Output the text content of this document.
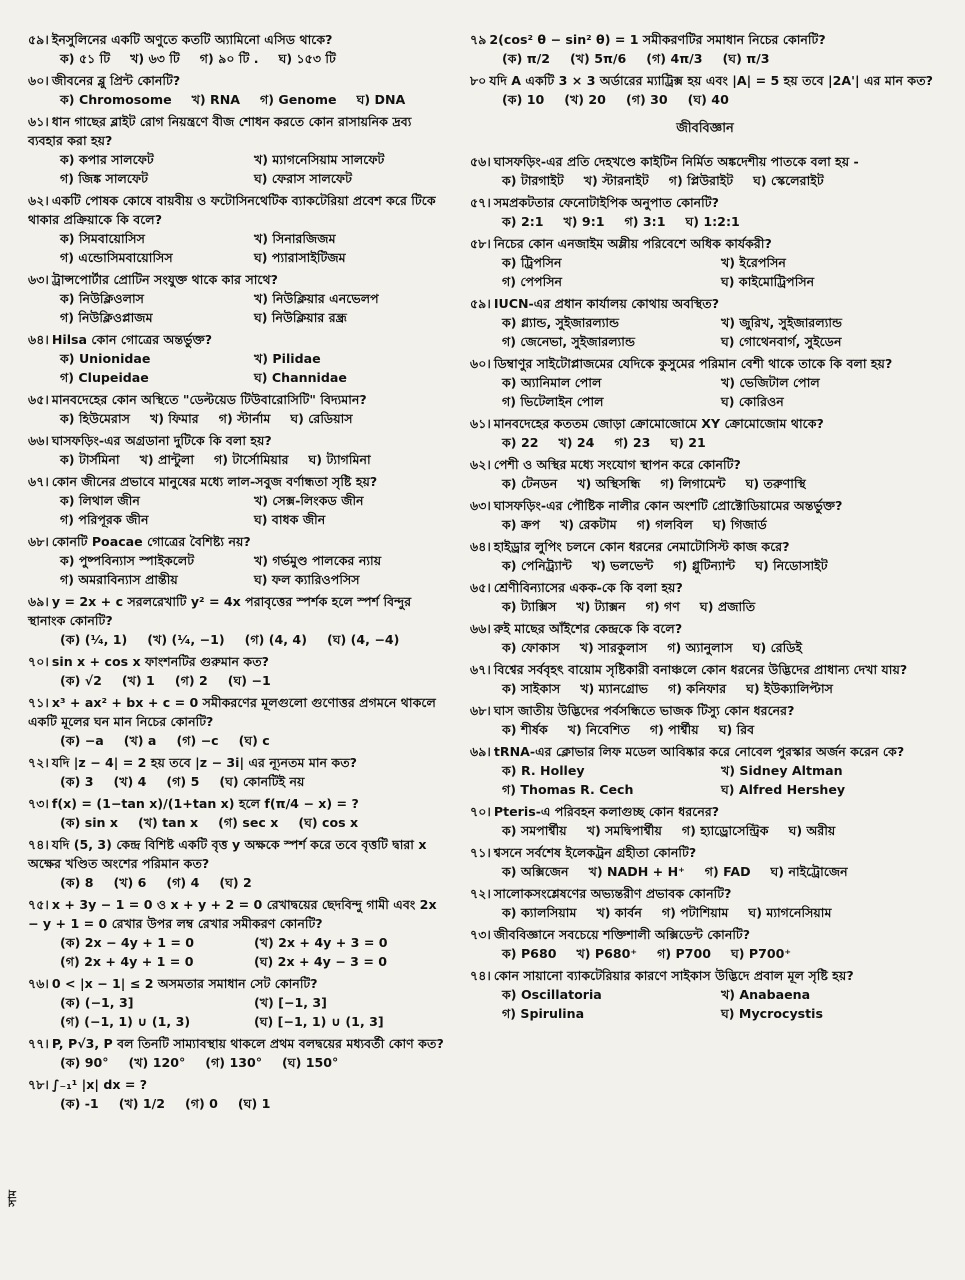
সাম
৫৯। ইনসুলিনের একটি অণুতে কতটি অ্যামিনো এসিড থাকে?
ক) ৫১ টি খ) ৬৩ টি গ) ৯০ টি . ঘ) ১৫৩ টি
৬০। জীবনের ব্লু প্রিন্ট কোনটি?
ক) Chromosome খ) RNA গ) Genome ঘ) DNA
৬১। ধান গাছের ব্লাইট রোগ নিয়ন্ত্রণে বীজ শোধন করতে কোন রাসায়নিক দ্রব্য ব্যবহার করা হয়?
ক) কপার সালফেট	খ) ম্যাগনেসিয়াম সালফেট
গ) জিঙ্ক সালফেট	ঘ) ফেরাস সালফেট
৬২। একটি পোষক কোষে বায়বীয় ও ফটোসিনথেটিক ব্যাকটেরিয়া প্রবেশ করে টিকে থাকার প্রক্রিয়াকে কি বলে?
ক) সিমবায়োসিস	খ) সিনারজিজম
গ) এন্ডোসিমবায়োসিস	ঘ) প্যারাসাইটিজম
৬৩। ট্রান্সপোর্টার প্রোটিন সংযুক্ত থাকে কার সাথে?
ক) নিউক্লিওলাস	খ) নিউক্লিয়ার এনভেলপ
গ) নিউক্লিওপ্লাজম	ঘ) নিউক্লিয়ার রন্ধ্র
৬৪। Hilsa কোন গোত্রের অন্তর্ভুক্ত?
ক) Unionidae	খ) Pilidae
গ) Clupeidae	ঘ) Channidae
৬৫। মানবদেহের কোন অস্থিতে "ডেল্টয়েড টিউবারোসিটি" বিদ্যমান?
ক) হিউমেরাস খ) ফিমার গ) স্টার্নাম ঘ) রেডিয়াস
৬৬। ঘাসফড়িং-এর অগ্রডানা দুটিকে কি বলা হয়?
ক) টার্সমিনা খ) প্রান্টুলা গ) টার্সোমিয়ার ঘ) ট্যাগমিনা
৬৭। কোন জীনের প্রভাবে মানুষের মধ্যে লাল-সবুজ বর্ণান্ধতা সৃষ্টি হয়?
ক) লিথাল জীন	খ) সেক্স-লিংকড জীন
গ) পরিপূরক জীন	ঘ) বাধক জীন
৬৮। কোনটি Poacae গোত্রের বৈশিষ্ট্য নয়?
ক) পুষ্পবিন্যাস স্পাইকলেট	খ) গর্ভমুণ্ড পালকের ন্যায়
গ) অমরাবিন্যাস প্রান্তীয়	ঘ) ফল ক্যারিওপসিস
৬৯। y = 2x + c সরলরেখাটি y² = 4x পরাবৃত্তের স্পর্শক হলে স্পর্শ বিন্দুর স্থানাংক কোনটি?
(ক) (¹⁄₄, 1) (খ) (¹⁄₄, −1) (গ) (4, 4) (ঘ) (4, −4)
৭০। sin x + cos x ফাংশনটির গুরুমান কত?
(ক) √2 (খ) 1 (গ) 2 (ঘ) −1
৭১। x³ + ax² + bx + c = 0 সমীকরণের মূলগুলো গুণোত্তর প্রগমনে থাকলে একটি মূলের ঘন মান নিচের কোনটি?
(ক) −a (খ) a (গ) −c (ঘ) c
৭২। যদি |z − 4| = 2 হয় তবে |z − 3i| এর ন্যূনতম মান কত?
(ক) 3 (খ) 4 (গ) 5 (ঘ) কোনটিই নয়
৭৩। f(x) = (1−tan x)/(1+tan x) হলে f(π/4 − x) = ?
(ক) sin x (খ) tan x (গ) sec x (ঘ) cos x
৭৪। যদি (5, 3) কেন্দ্র বিশিষ্ট একটি বৃত্ত y অক্ষকে স্পর্শ করে তবে বৃত্তটি দ্বারা x অক্ষের খণ্ডিত অংশের পরিমান কত?
(ক) 8 (খ) 6 (গ) 4 (ঘ) 2
৭৫। x + 3y − 1 = 0 ও x + y + 2 = 0 রেখাদ্বয়ের ছেদবিন্দু গামী এবং 2x − y + 1 = 0 রেখার উপর লম্ব রেখার সমীকরণ কোনটি?
(ক) 2x − 4y + 1 = 0	(খ) 2x + 4y + 3 = 0
(গ) 2x + 4y + 1 = 0	(ঘ) 2x + 4y − 3 = 0
৭৬। 0 < |x − 1| ≤ 2 অসমতার সমাধান সেট কোনটি?
(ক) (−1, 3]	(খ) [−1, 3]
(গ) (−1, 1) ∪ (1, 3)	(ঘ) [−1, 1) ∪ (1, 3]
৭৭। P, P√3, P বল তিনটি সাম্যাবস্থায় থাকলে প্রথম বলদ্বয়ের মধ্যবর্তী কোণ কত?
(ক) 90° (খ) 120° (গ) 130° (ঘ) 150°
৭৮। ∫₋₁¹ |x| dx = ?
(ক) -1 (খ) 1/2 (গ) 0 (ঘ) 1
৭৯ 2(cos² θ − sin² θ) = 1 সমীকরণটির সমাধান নিচের কোনটি?
(ক) π/2 (খ) 5π/6 (গ) 4π/3 (ঘ) π/3
৮০ যদি A একটি 3 × 3 অর্ডারের ম্যাট্রিক্স হয় এবং |A| = 5 হয় তবে |2A'| এর মান কত?
(ক) 10 (খ) 20 (গ) 30 (ঘ) 40
জীববিজ্ঞান
৫৬। ঘাসফড়িং-এর প্রতি দেহখণ্ডে কাইটিন নির্মিত অঙ্কদেশীয় পাতকে বলা হয় -
ক) টারগাইট খ) স্টারনাইট গ) প্লিউরাইট ঘ) স্কেলেরাইট
৫৭। সমপ্রকটতার ফেনোটাইপিক অনুপাত কোনটি?
ক) 2:1 খ) 9:1 গ) 3:1 ঘ) 1:2:1
৫৮। নিচের কোন এনজাইম অম্লীয় পরিবেশে অধিক কার্যকরী?
ক) ট্রিপসিন	খ) ইরেপসিন
গ) পেপসিন	ঘ) কাইমোট্রিপসিন
৫৯। IUCN-এর প্রধান কার্যালয় কোথায় অবস্থিত?
ক) গ্ল্যান্ড, সুইজারল্যান্ড	খ) জুরিখ, সুইজারল্যান্ড
গ) জেনেভা, সুইজারল্যান্ড	ঘ) গোথেনবার্গ, সুইডেন
৬০। ডিম্বাণুর সাইটোপ্লাজমের যেদিকে কুসুমের পরিমান বেশী থাকে তাকে কি বলা হয়?
ক) অ্যানিমাল পোল	খ) ভেজিটাল পোল
গ) ভিটেলাইন পোল	ঘ) কোরিওন
৬১। মানবদেহের কততম জোড়া ক্রোমোজোমে XY ক্রোমোজোম থাকে?
ক) 22 খ) 24 গ) 23 ঘ) 21
৬২। পেশী ও অস্থির মধ্যে সংযোগ স্থাপন করে কোনটি?
ক) টেনডন খ) অস্থিসন্ধি গ) লিগামেন্ট ঘ) তরুণাস্থি
৬৩। ঘাসফড়িং-এর পৌষ্টিক নালীর কোন অংশটি প্রোক্টোডিয়ামের অন্তর্ভুক্ত?
ক) ক্রপ খ) রেকটাম গ) গলবিল ঘ) গিজার্ড
৬৪। হাইড্রার লুপিং চলনে কোন ধরনের নেমাটোসিস্ট কাজ করে?
ক) পেনিট্র্যান্ট খ) ভলভেন্ট গ) গ্লুটিন্যান্ট ঘ) নিডোসাইট
৬৫। শ্রেণীবিন্যাসের একক-কে কি বলা হয়?
ক) ট্যাক্সিস খ) ট্যাক্সন গ) গণ ঘ) প্রজাতি
৬৬। রুই মাছের আঁইশের কেন্দ্রকে কি বলে?
ক) ফোকাস খ) সারকুলাস গ) অ্যানুলাস ঘ) রেডিই
৬৭। বিশ্বের সর্ববৃহৎ বায়োম সৃষ্টিকারী বনাঞ্চলে কোন ধরনের উদ্ভিদের প্রাধান্য দেখা যায়?
ক) সাইকাস খ) ম্যানগ্রোভ গ) কনিফার ঘ) ইউক্যালিপ্টাস
৬৮। ঘাস জাতীয় উদ্ভিদের পর্বসন্ধিতে ভাজক টিস্যু কোন ধরনের?
ক) শীর্ষক খ) নিবেশিত গ) পার্শ্বীয় ঘ) রিব
৬৯। tRNA-এর ক্লোভার লিফ মডেল আবিষ্কার করে নোবেল পুরস্কার অর্জন করেন কে?
ক) R. Holley	খ) Sidney Altman
গ) Thomas R. Cech	ঘ) Alfred Hershey
৭০। Pteris-এ পরিবহন কলাগুচ্ছ কোন ধরনের?
ক) সমপার্শ্বীয় খ) সমদ্বিপার্শ্বীয় গ) হ্যাড্রোসেন্ট্রিক ঘ) অরীয়
৭১। শ্বসনে সর্বশেষ ইলেকট্রন গ্রহীতা কোনটি?
ক) অক্সিজেন খ) NADH + H⁺ গ) FAD ঘ) নাইট্রোজেন
৭২। সালোকসংশ্লেষণের অভ্যন্তরীণ প্রভাবক কোনটি?
ক) ক্যালসিয়াম খ) কার্বন গ) পটাশিয়াম ঘ) ম্যাগনেসিয়াম
৭৩। জীববিজ্ঞানে সবচেয়ে শক্তিশালী অক্সিডেন্ট কোনটি?
ক) P680 খ) P680⁺ গ) P700 ঘ) P700⁺
৭৪। কোন সায়ানো ব্যাকটেরিয়ার কারণে সাইকাস উদ্ভিদে প্রবাল মূল সৃষ্টি হয়?
ক) Oscillatoria	খ) Anabaena
গ) Spirulina	ঘ) Mycrocystis
